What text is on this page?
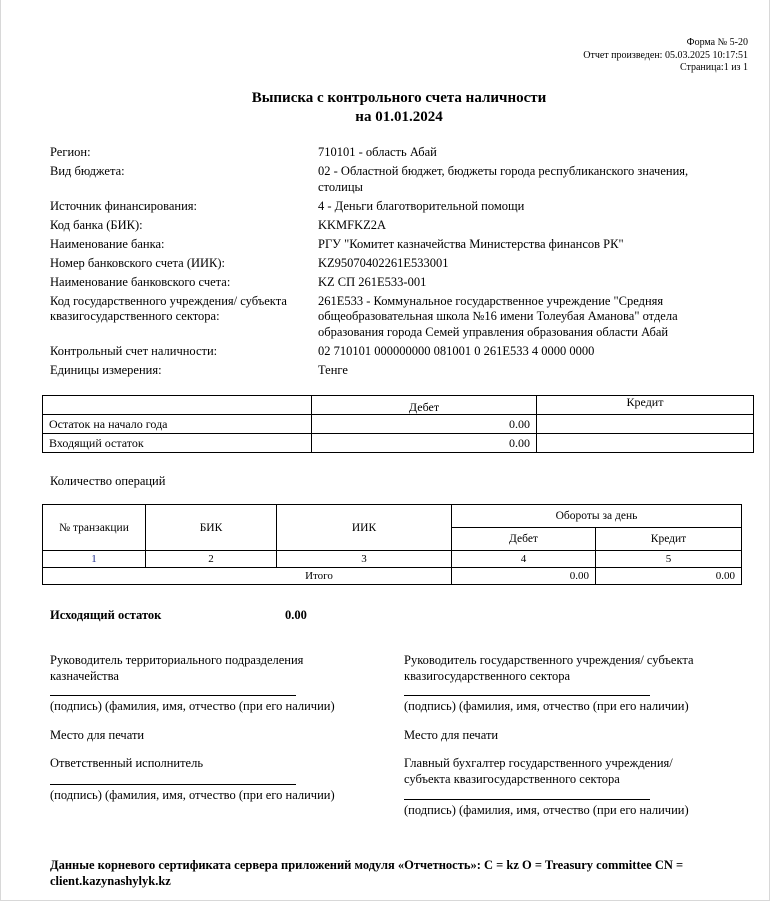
Форма № 5-20
Отчет произведен: 05.03.2025 10:17:51
Страница:1 из 1
Выписка с контрольного счета наличности
на 01.01.2024
Регион:	710101 - область Абай
Вид бюджета:	02 - Областной бюджет, бюджеты города республиканского значения, столицы
Источник финансирования:	4 - Деньги благотворительной помощи
Код банка (БИК):	KKMFKZ2A
Наименование банка:	РГУ "Комитет казначейства Министерства финансов РК"
Номер банковского счета (ИИК):	KZ95070402261E533001
Наименование банковского счета:	KZ СП 261E533-001
Код государственного учреждения/ субъекта квазигосударственного сектора:
261E533 - Коммунальное государственное учреждение "Средняя общеобразовательная школа №16 имени Толеубая Аманова" отдела образования города Семей управления образования области Абай
Контрольный счет наличности:	02 710101 000000000 081001 0 261E533 4 0000 0000
Единицы измерения:	Тенге
	Дебет	Кредит
Остаток на начало года	0.00	
Входящий остаток	0.00	
Количество операций
№ транзакции	БИК	ИИК	Обороты за день	
			Дебет	Кредит
1	2	3	4	5
Итого			0.00	0.00
Исходящий остаток	0.00
Руководитель территориального подразделения казначейства
(подпись) (фамилия, имя, отчество (при его наличии)
Руководитель государственного учреждения/ субъекта квазигосударственного сектора
(подпись) (фамилия, имя, отчество (при его наличии)
Место для печати	Место для печати
Ответственный исполнитель
(подпись) (фамилия, имя, отчество (при его наличии)
Главный бухгалтер государственного учреждения/ субъекта квазигосударственного сектора
(подпись) (фамилия, имя, отчество (при его наличии)
Данные корневого сертификата сервера приложений модуля «Отчетность»: C = kz O = Treasury committee CN = client.kazynashylyk.kz
